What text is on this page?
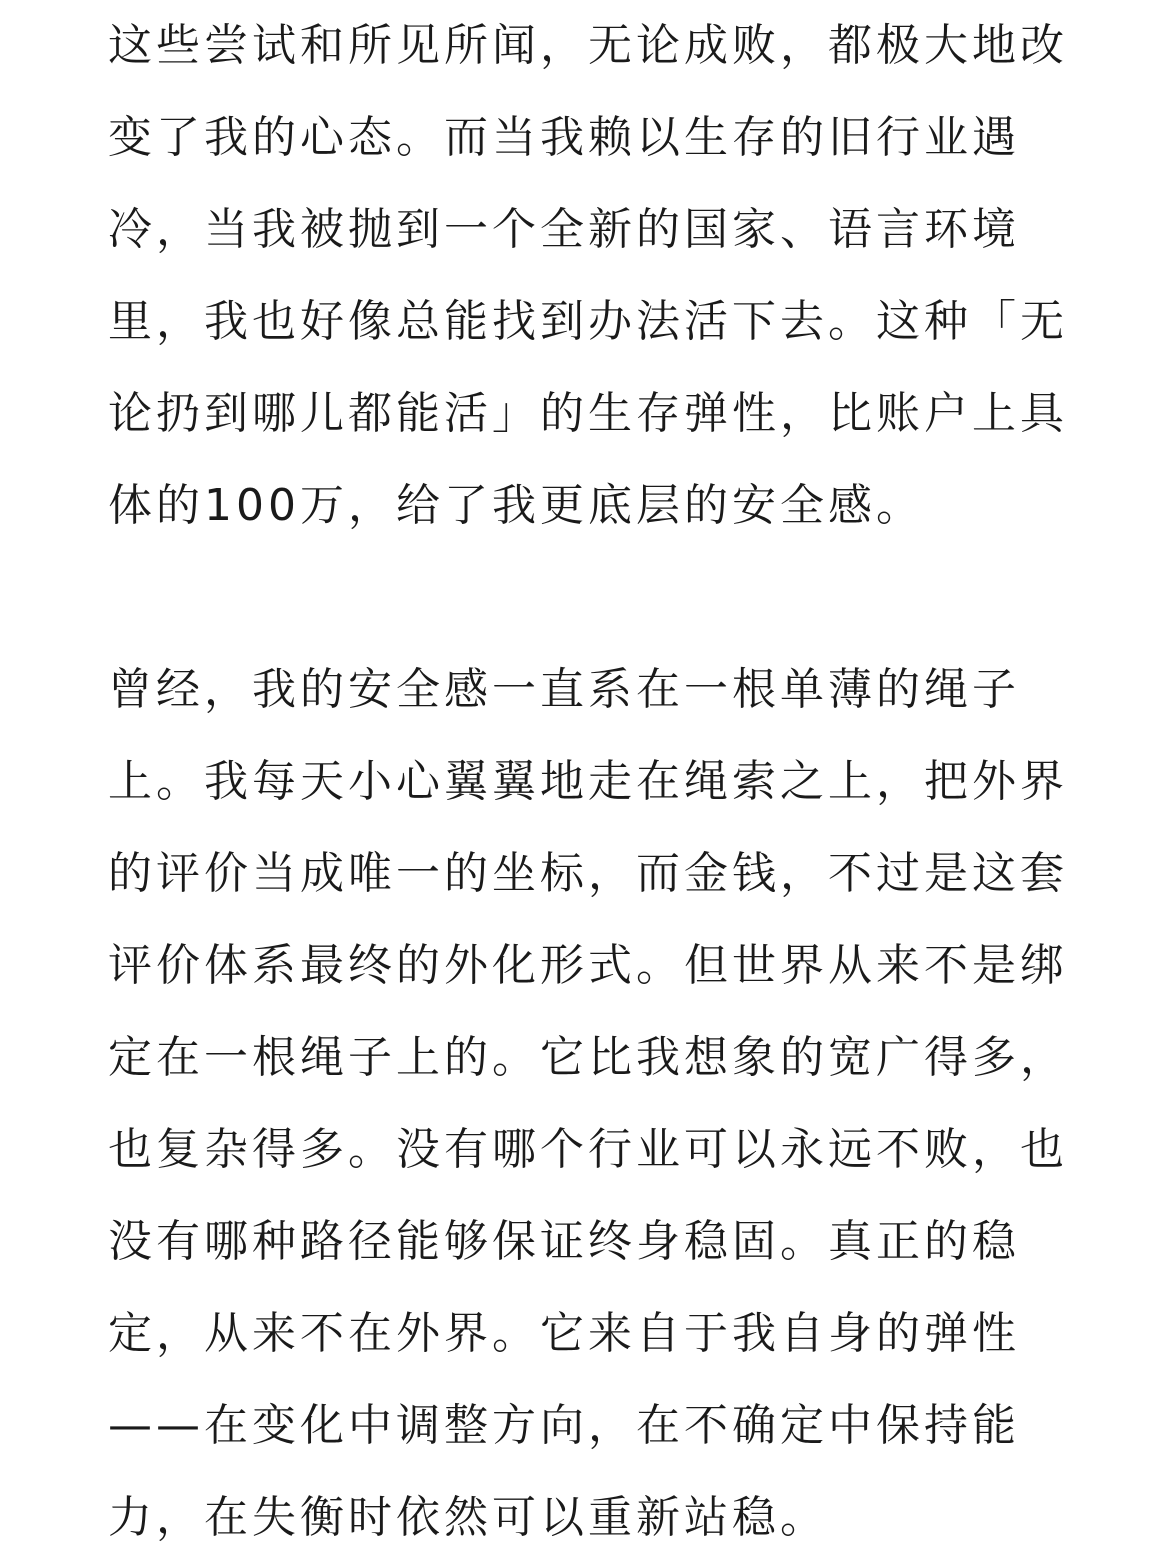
这些尝试和所见所闻，无论成败，都极大地改
变了我的心态。而当我赖以生存的旧行业遇
冷，当我被抛到一个全新的国家、语言环境
里，我也好像总能找到办法活下去。这种「无
论扔到哪儿都能活」的生存弹性，比账户上具
体的100万，给了我更底层的安全感。
曾经，我的安全感一直系在一根单薄的绳子
上。我每天小心翼翼地走在绳索之上，把外界
的评价当成唯一的坐标，而金钱，不过是这套
评价体系最终的外化形式。但世界从来不是绑
定在一根绳子上的。它比我想象的宽广得多，
也复杂得多。没有哪个行业可以永远不败，也
没有哪种路径能够保证终身稳固。真正的稳
定，从来不在外界。它来自于我自身的弹性
——在变化中调整方向，在不确定中保持能
力，在失衡时依然可以重新站稳。
